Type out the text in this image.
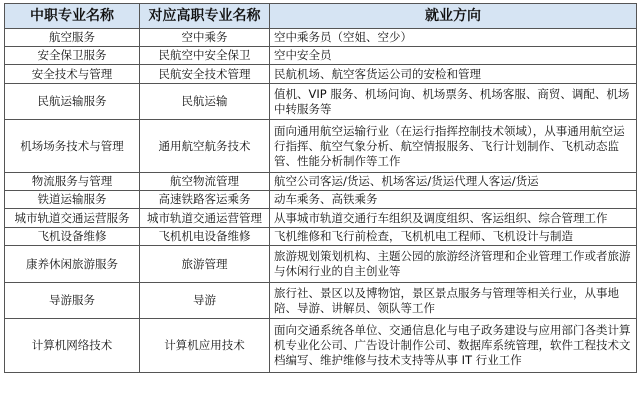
中职专业名称	对应高职专业名称	就业方向
航空服务	空中乘务	空中乘务员（空姐、空少）
安全保卫服务	民航空中安全保卫	空中安全员
安全技术与管理	民航安全技术管理	民航机场、航空客货运公司的安检和管理
民航运输服务	民航运输	值机、VIP 服务、机场问询、机场票务、机场客服、商贸、调配、机场中转服务等
机场场务技术与管理	通用航空航务技术	面向通用航空运输行业（在运行指挥控制技术领域），从事通用航空运行指挥、航空气象分析、航空情报服务、飞行计划制作、飞机动态监管、性能分析制作等工作
物流服务与管理	航空物流管理	航空公司客运/货运、机场客运/货运代理人客运/货运
铁道运输服务	高速铁路客运乘务	动车乘务、高铁乘务
城市轨道交通运营服务	城市轨道交通运营管理	从事城市轨道交通行车组织及调度组织、客运组织、综合管理工作
飞机设备维修	飞机机电设备维修	飞机维修和飞行前检查，飞机机电工程师、飞机设计与制造
康养休闲旅游服务	旅游管理	旅游规划策划机构、主题公园的旅游经济管理和企业管理工作或者旅游与休闲行业的自主创业等
导游服务	导游	旅行社、景区以及博物馆，景区景点服务与管理等相关行业，从事地陪、导游、讲解员、领队等工作
计算机网络技术	计算机应用技术	面向交通系统各单位、交通信息化与电子政务建设与应用部门各类计算机专业化公司、广告设计制作公司、数据库系统管理，软件工程技术文档编写、维护维修与技术支持等从事 IT 行业工作
